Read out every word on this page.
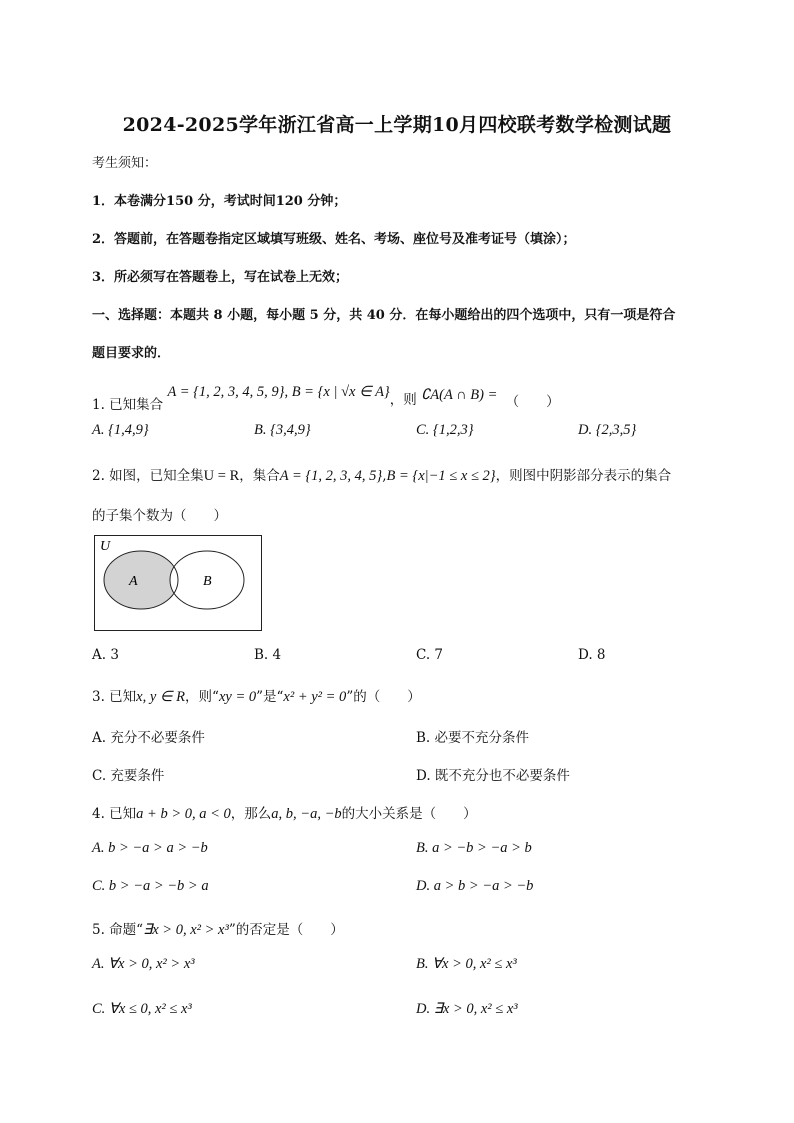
2024-2025学年浙江省高一上学期10月四校联考数学检测试题
考生须知：
1．本卷满分150 分，考试时间120 分钟；
2．答题前，在答题卷指定区域填写班级、姓名、考场、座位号及准考证号（填涂）；
3．所必须写在答题卷上，写在试卷上无效；
一、选择题：本题共 8 小题，每小题 5 分，共 40 分．在每小题给出的四个选项中，只有一项是符合
题目要求的．
1. 已知集合 A = {1, 2, 3, 4, 5, 9}, B = {x | √x ∈ A}，则 ∁A(A ∩ B) = （　　）
A. {1,4,9}	B. {3,4,9}	C. {1,2,3}	D. {2,3,5}
2. 如图，已知全集U = R，集合A = {1, 2, 3, 4, 5},B = {x|−1 ≤ x ≤ 2}，则图中阴影部分表示的集合
的子集个数为（　　）
U
A	B
A. 3	B. 4	C. 7	D. 8
3. 已知x, y ∈ R，则“xy = 0”是“x² + y² = 0”的（　　）
A. 充分不必要条件	B. 必要不充分条件
C. 充要条件	D. 既不充分也不必要条件
4. 已知a + b > 0, a < 0，那么a, b, −a, −b的大小关系是（　　）
A. b > −a > a > −b	B. a > −b > −a > b
C. b > −a > −b > a	D. a > b > −a > −b
5. 命题“∃x > 0, x² > x³”的否定是（　　）
A. ∀x > 0, x² > x³	B. ∀x > 0, x² ≤ x³
C. ∀x ≤ 0, x² ≤ x³	D. ∃x > 0, x² ≤ x³
